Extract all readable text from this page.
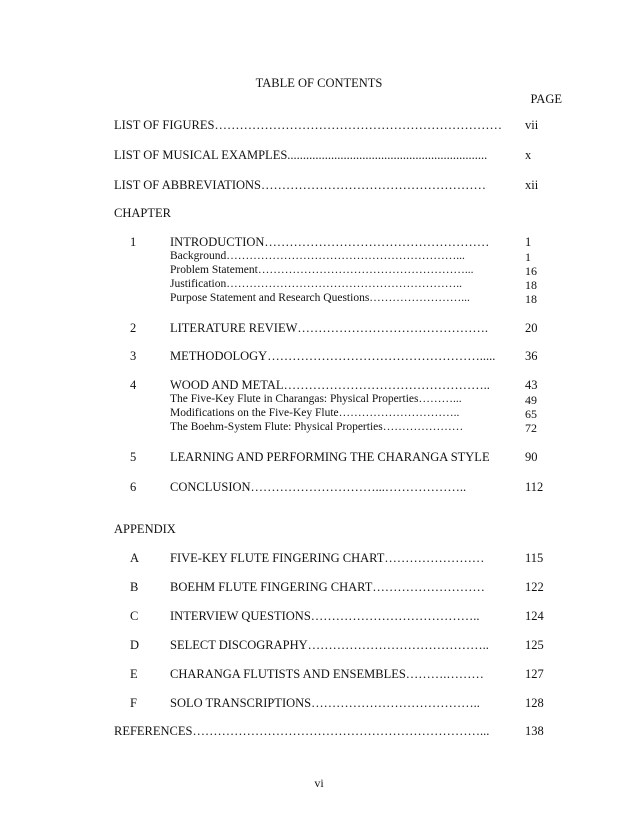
TABLE OF CONTENTS
PAGE
LIST OF FIGURES…………………………………………………………… vii
LIST OF MUSICAL EXAMPLES................................................................	x
LIST OF ABBREVIATIONS………………………………………………	xii
CHAPTER
1	INTRODUCTION………………………………………………	1
Background……………………………………………………...	1
Problem Statement………………………………………………...	16
Justification……………………………………………………..	18
Purpose Statement and Research Questions……………………...	18
2	LITERATURE REVIEW……………………………………….	20
3	METHODOLOGY……………………………………………..... 36
4	WOOD AND METAL…………………………………………..	43
The Five-Key Flute in Charangas: Physical Properties………...	49
Modifications on the Five-Key Flute…………………………..	65
The Boehm-System Flute: Physical Properties…………………	72
5	LEARNING AND PERFORMING THE CHARANGA STYLE	90
6	CONCLUSION…………………………...………………..	112
APPENDIX
A FIVE-KEY FLUTE FINGERING CHART……………………	115
B	BOEHM FLUTE FINGERING CHART………………………	122
C	INTERVIEW QUESTIONS…………………………………..	124
D SELECT DISCOGRAPHY……………………………………..	125
E	CHARANGA FLUTISTS AND ENSEMBLES……….………	127
F	SOLO TRANSCRIPTIONS…………………………………..	128
REFERENCES……………………………………………………………...	138
vi
